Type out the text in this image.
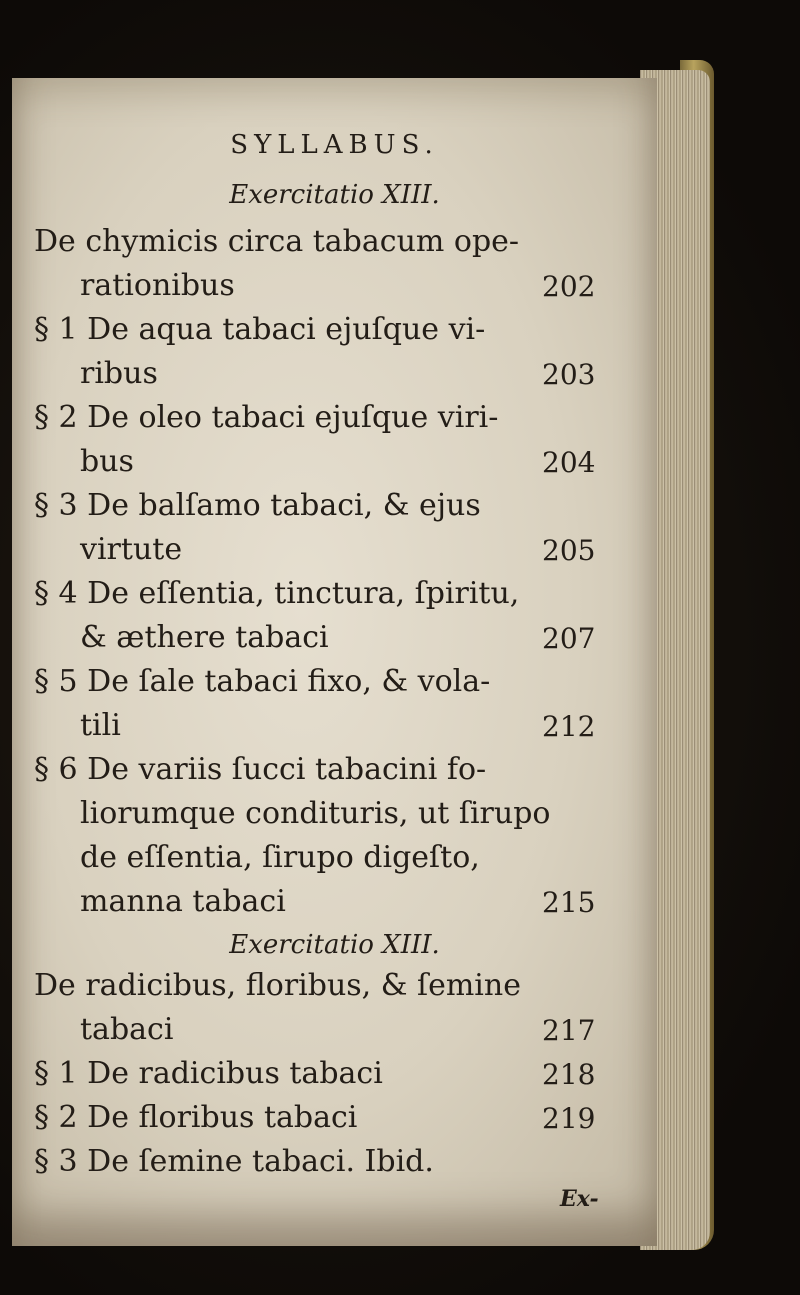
SYLLABUS.
Exercitatio XIII.
De chymicis circa tabacum ope-
rationibus	202
§ 1 De aqua tabaci ejuſque vi-
ribus	203
§ 2 De oleo tabaci ejuſque viri-
bus	204
§ 3 De balſamo tabaci, & ejus
virtute	205
§ 4 De eſſentia, tinctura, ſpiritu,
& æthere tabaci	207
§ 5 De ſale tabaci fixo, & vola-
tili	212
§ 6 De variis ſucci tabacini fo-
liorumque condituris, ut ſirupo
de eſſentia, ſirupo digeſto,
manna tabaci	215
Exercitatio XIII.
De radicibus, floribus, & ſemine
tabaci	217
§ 1 De radicibus tabaci	218
§ 2 De floribus tabaci	219
§ 3 De ſemine tabaci. Ibid.
Ex-
